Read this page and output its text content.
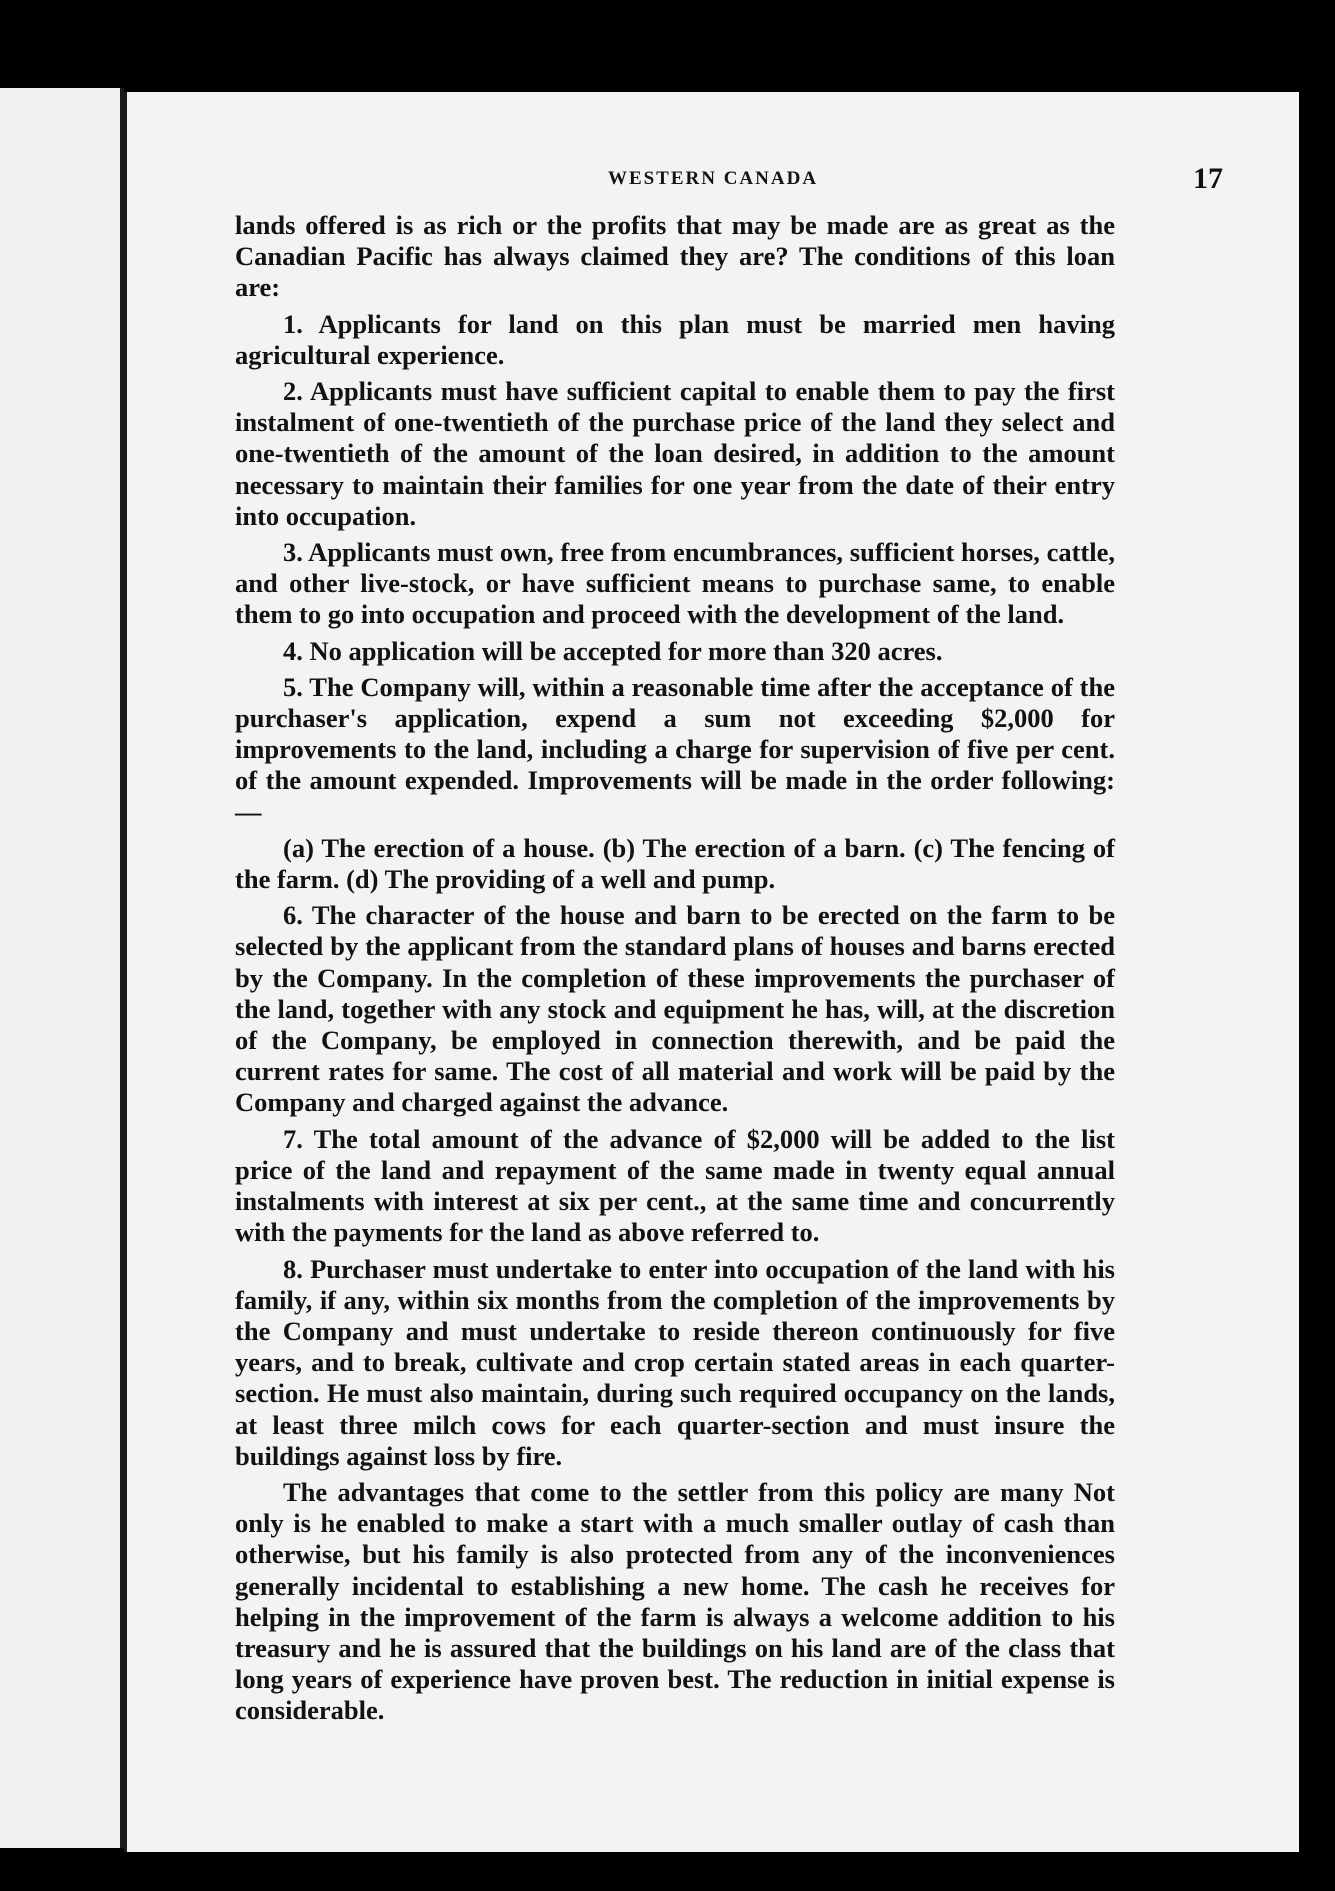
WESTERN CANADA	17

lands offered is as rich or the profits that may be made are as great as the Canadian Pacific has always claimed they are? The conditions of this loan are:

1. Applicants for land on this plan must be married men having agricultural experience.

2. Applicants must have sufficient capital to enable them to pay the first instalment of one-twentieth of the purchase price of the land they select and one-twentieth of the amount of the loan desired, in addition to the amount necessary to maintain their families for one year from the date of their entry into occupation.

3. Applicants must own, free from encumbrances, sufficient horses, cattle, and other live-stock, or have sufficient means to purchase same, to enable them to go into occupation and proceed with the development of the land.

4. No application will be accepted for more than 320 acres.

5. The Company will, within a reasonable time after the acceptance of the purchaser's application, expend a sum not exceeding $2,000 for improvements to the land, including a charge for supervision of five per cent. of the amount expended. Improvements will be made in the order following:—

(a) The erection of a house. (b) The erection of a barn. (c) The fencing of the farm. (d) The providing of a well and pump.

6. The character of the house and barn to be erected on the farm to be selected by the applicant from the standard plans of houses and barns erected by the Company. In the completion of these improvements the purchaser of the land, together with any stock and equipment he has, will, at the discretion of the Company, be employed in connection therewith, and be paid the current rates for same. The cost of all material and work will be paid by the Company and charged against the advance.

7. The total amount of the advance of $2,000 will be added to the list price of the land and repayment of the same made in twenty equal annual instalments with interest at six per cent., at the same time and concurrently with the payments for the land as above referred to.

8. Purchaser must undertake to enter into occupation of the land with his family, if any, within six months from the completion of the improvements by the Company and must undertake to reside thereon continuously for five years, and to break, cultivate and crop certain stated areas in each quarter-section. He must also maintain, during such required occupancy on the lands, at least three milch cows for each quarter-section and must insure the buildings against loss by fire.

The advantages that come to the settler from this policy are many Not only is he enabled to make a start with a much smaller outlay of cash than otherwise, but his family is also protected from any of the inconveniences generally incidental to establishing a new home. The cash he receives for helping in the improvement of the farm is always a welcome addition to his treasury and he is assured that the buildings on his land are of the class that long years of experience have proven best. The reduction in initial expense is considerable.
